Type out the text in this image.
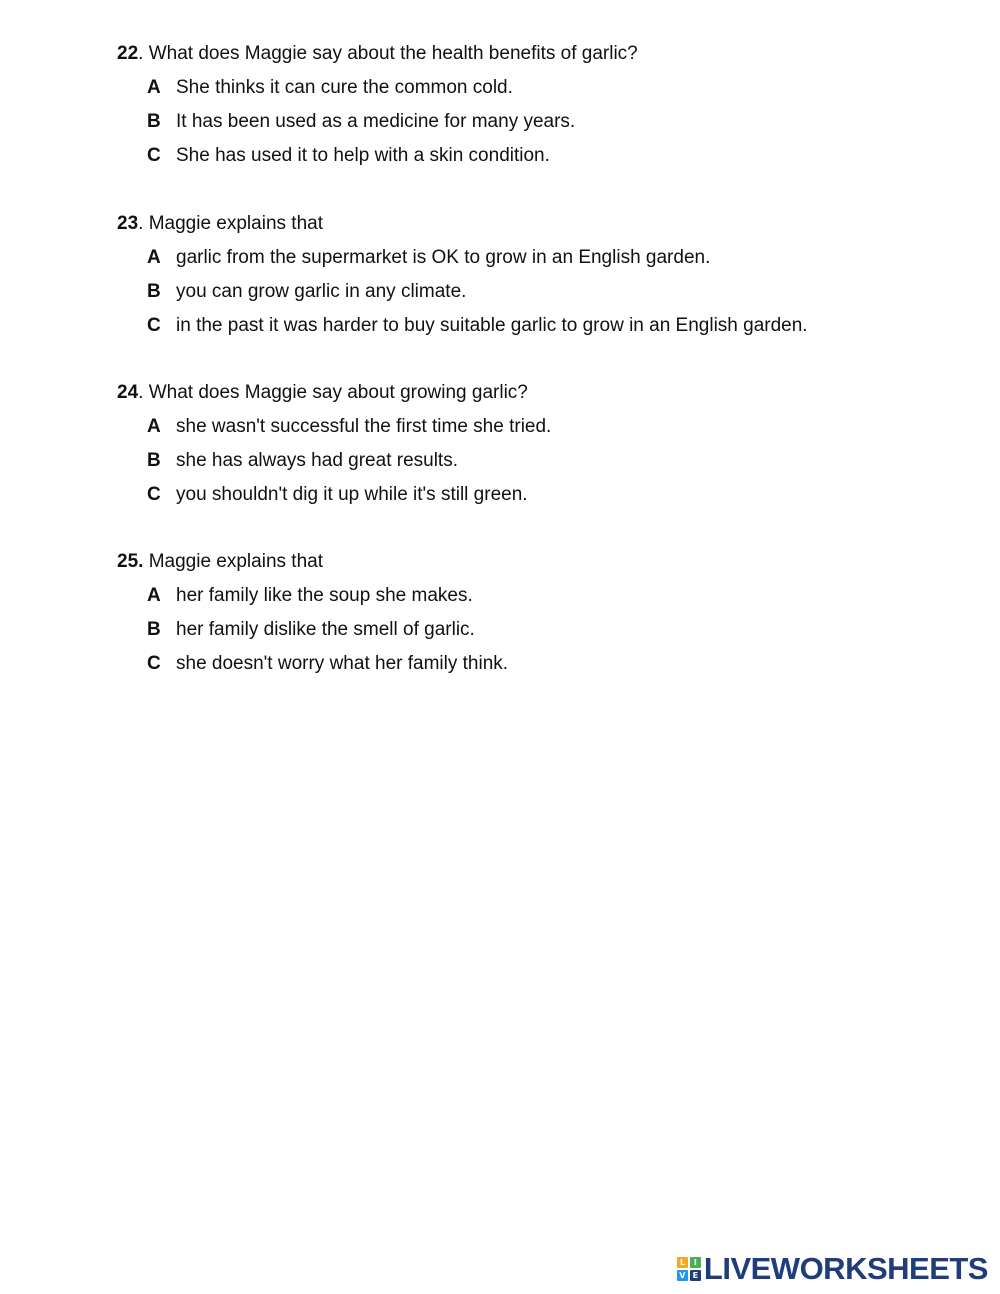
22. What does Maggie say about the health benefits of garlic?
A She thinks it can cure the common cold.
B It has been used as a medicine for many years.
C She has used it to help with a skin condition.
23. Maggie explains that
A garlic from the supermarket is OK to grow in an English garden.
B you can grow garlic in any climate.
C in the past it was harder to buy suitable garlic to grow in an English garden.
24. What does Maggie say about growing garlic?
A she wasn't successful the first time she tried.
B she has always had great results.
C you shouldn't dig it up while it's still green.
25. Maggie explains that
A her family like the soup she makes.
B her family dislike the smell of garlic.
C she doesn't worry what her family think.
L	I
V E LIVEWORKSHEETS
